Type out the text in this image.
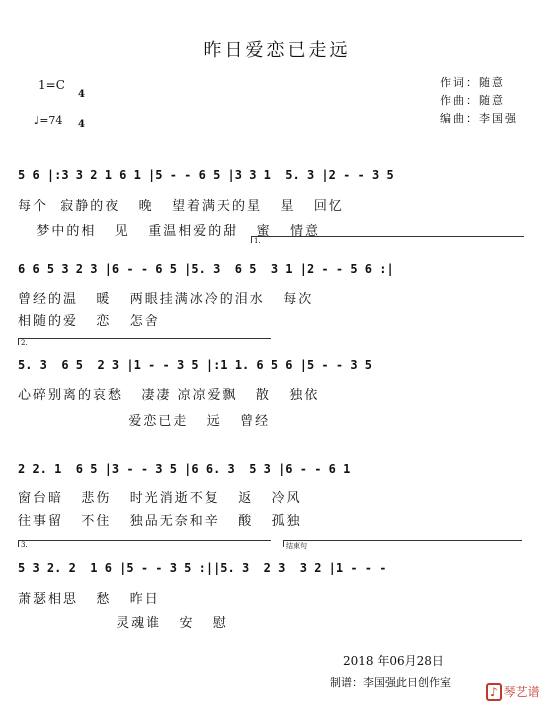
昨日爱恋已走远
1=C

4

4

♩=74
作词：随意
作曲：随意
编曲：李国强
5 6 |:3 3 2 1 6 1 |5 - - 6 5 |3 3 1  5. 3 |2 - - 3 5
每个  寂静的夜   晚   望着满天的星   星   回忆
1.
梦中的相   见   重温相爱的甜   蜜   情意
6 6 5 3 2 3 |6 - - 6 5 |5. 3  6 5  3 1 |2 - - 5 6 :|
曾经的温   暖   两眼挂满冰冷的泪水   每次
相随的爱   恋   怎舍
2.
5. 3  6 5  2 3 |1 - - 3 5 |:1 1. 6 5 6 |5 - - 3 5
心碎别离的哀愁   凄凄 凉凉爱飘   散   独依
爱恋已走   远   曾经
2 2. 1  6 5 |3 - - 3 5 |6 6. 3  5 3 |6 - - 6 1
窗台暗   悲伤   时光消逝不复   返   冷风
往事留   不住   独品无奈和辛   酸   孤独
3.	结束句
5 3 2. 2  1 6 |5 - - 3 5 :||5. 3  2 3  3 2 |1 - - -
萧瑟相思   愁   昨日
灵魂谁   安   慰
2018 年06月28日
制谱：李国强此日创作室
♪ 琴艺谱
